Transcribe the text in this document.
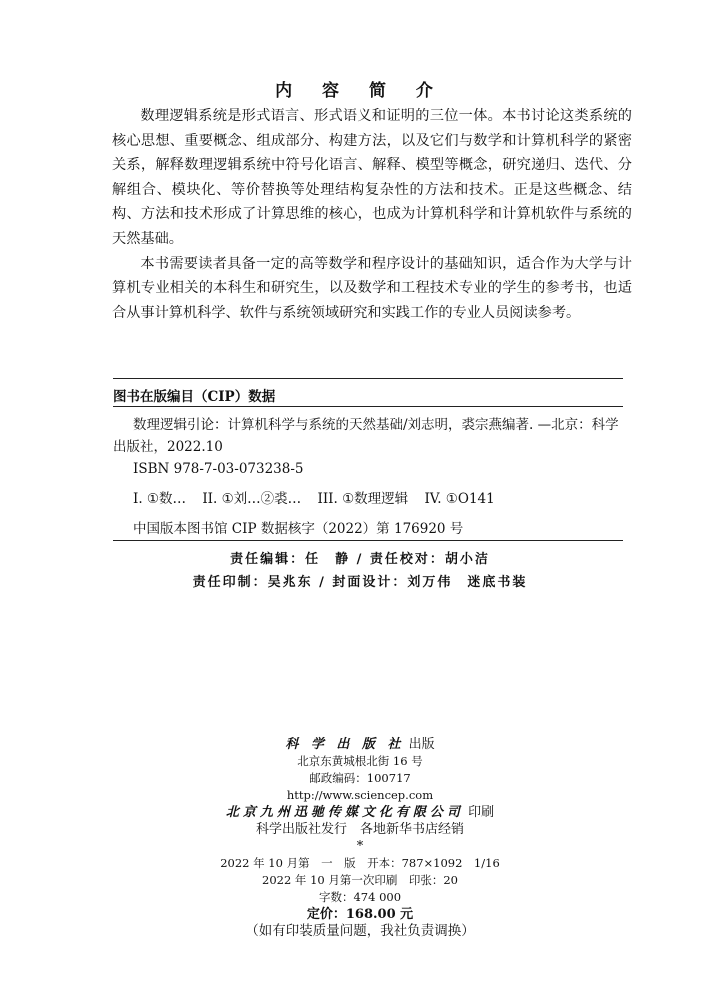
内 容 简 介

数理逻辑系统是形式语言、形式语义和证明的三位一体。本书讨论这类系统的核心思想、重要概念、组成部分、构建方法，以及它们与数学和计算机科学的紧密关系，解释数理逻辑系统中符号化语言、解释、模型等概念，研究递归、迭代、分解组合、模块化、等价替换等处理结构复杂性的方法和技术。正是这些概念、结构、方法和技术形成了计算思维的核心，也成为计算机科学和计算机软件与系统的天然基础。

本书需要读者具备一定的高等数学和程序设计的基础知识，适合作为大学与计算机专业相关的本科生和研究生，以及数学和工程技术专业的学生的参考书，也适合从事计算机科学、软件与系统领域研究和实践工作的专业人员阅读参考。

图书在版编目（CIP）数据
数理逻辑引论：计算机科学与系统的天然基础/刘志明，裘宗燕编著. —北京：科学出版社，2022.10
ISBN 978-7-03-073238-5
I. ①数… II. ①刘…②裘… III. ①数理逻辑 IV. ①O141
中国版本图书馆 CIP 数据核字（2022）第 176920 号
责任编辑：任　静 / 责任校对：胡小洁
责任印制：吴兆东 / 封面设计：刘万伟　迷底书装
科 学 出 版 社 出版
北京东黄城根北街 16 号
邮政编码：100717
http://www.sciencep.com
北京九州迅驰传媒文化有限公司 印刷
科学出版社发行　各地新华书店经销
*
2022 年 10 月第　一　版　开本：787×1092　1/16
2022 年 10 月第一次印刷　印张：20
字数：474 000
定价：168.00 元
（如有印装质量问题，我社负责调换）
